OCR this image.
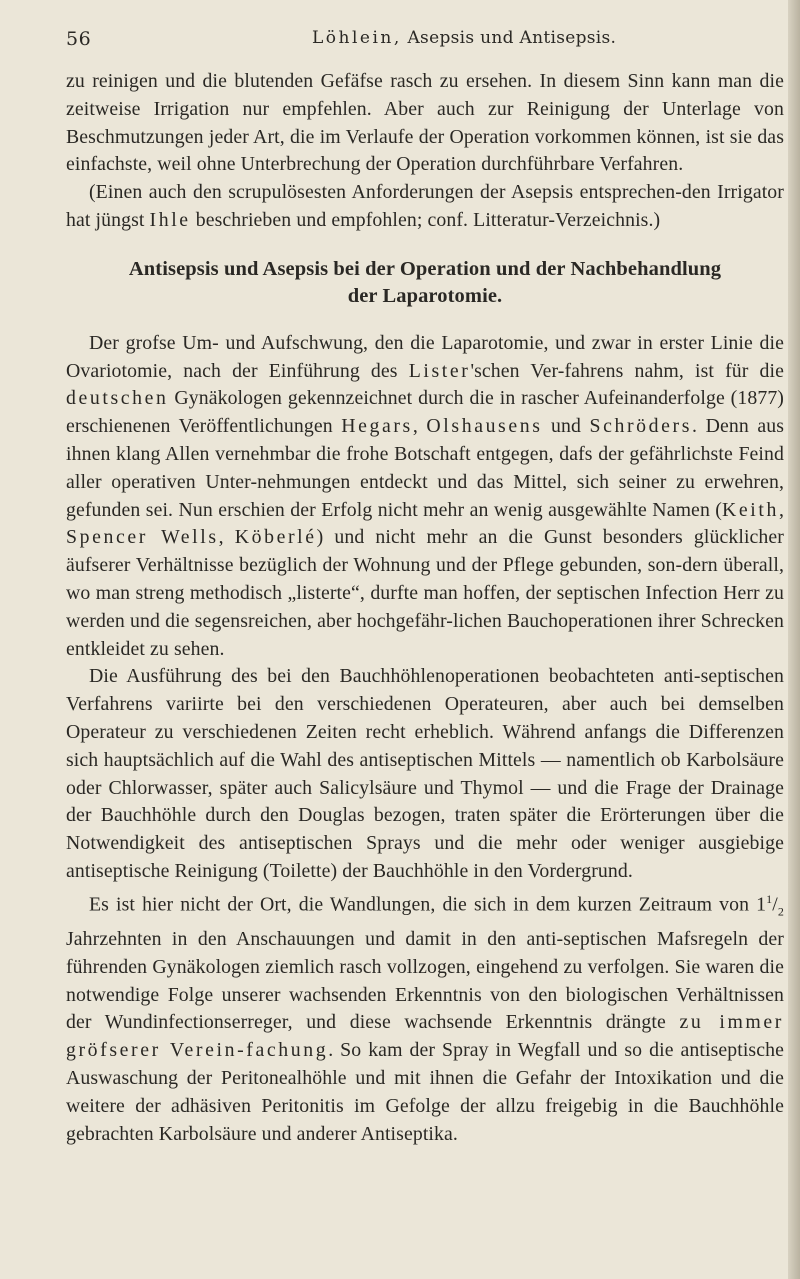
56	Löhlein, Asepsis und Antisepsis.

zu reinigen und die blutenden Gefäfse rasch zu ersehen. In diesem Sinn kann man die zeitweise Irrigation nur empfehlen. Aber auch zur Reinigung der Unterlage von Beschmutzungen jeder Art, die im Verlaufe der Operation vorkommen können, ist sie das einfachste, weil ohne Unterbrechung der Operation durchführbare Verfahren.

(Einen auch den scrupulösesten Anforderungen der Asepsis entsprechen-den Irrigator hat jüngst Ihle beschrieben und empfohlen; conf. Litteratur-Verzeichnis.)

Antisepsis und Asepsis bei der Operation und der Nachbehandlung
der Laparotomie.

Der grofse Um- und Aufschwung, den die Laparotomie, und zwar in erster Linie die Ovariotomie, nach der Einführung des Lister'schen Ver-fahrens nahm, ist für die deutschen Gynäkologen gekennzeichnet durch die in rascher Aufeinanderfolge (1877) erschienenen Veröffentlichungen Hegars, Olshausens und Schröders. Denn aus ihnen klang Allen vernehmbar die frohe Botschaft entgegen, dafs der gefährlichste Feind aller operativen Unter-nehmungen entdeckt und das Mittel, sich seiner zu erwehren, gefunden sei. Nun erschien der Erfolg nicht mehr an wenig ausgewählte Namen (Keith, Spencer Wells, Köberlé) und nicht mehr an die Gunst besonders glücklicher äufserer Verhältnisse bezüglich der Wohnung und der Pflege gebunden, son-dern überall, wo man streng methodisch „listerte“, durfte man hoffen, der septischen Infection Herr zu werden und die segensreichen, aber hochgefähr-lichen Bauchoperationen ihrer Schrecken entkleidet zu sehen.

Die Ausführung des bei den Bauchhöhlenoperationen beobachteten anti-septischen Verfahrens variirte bei den verschiedenen Operateuren, aber auch bei demselben Operateur zu verschiedenen Zeiten recht erheblich. Während anfangs die Differenzen sich hauptsächlich auf die Wahl des antiseptischen Mittels — namentlich ob Karbolsäure oder Chlorwasser, später auch Salicylsäure und Thymol — und die Frage der Drainage der Bauchhöhle durch den Douglas bezogen, traten später die Erörterungen über die Notwendigkeit des antiseptischen Sprays und die mehr oder weniger ausgiebige antiseptische Reinigung (Toilette) der Bauchhöhle in den Vordergrund.

Es ist hier nicht der Ort, die Wandlungen, die sich in dem kurzen Zeitraum von $1^1/_2$ Jahrzehnten in den Anschauungen und damit in den anti-septischen Mafsregeln der führenden Gynäkologen ziemlich rasch vollzogen, eingehend zu verfolgen. Sie waren die notwendige Folge unserer wachsenden Erkenntnis von den biologischen Verhältnissen der Wundinfectionserreger, und diese wachsende Erkenntnis drängte zu immer gröfserer Verein-fachung. So kam der Spray in Wegfall und so die antiseptische Auswaschung der Peritonealhöhle und mit ihnen die Gefahr der Intoxikation und die weitere der adhäsiven Peritonitis im Gefolge der allzu freigebig in die Bauchhöhle gebrachten Karbolsäure und anderer Antiseptika.
